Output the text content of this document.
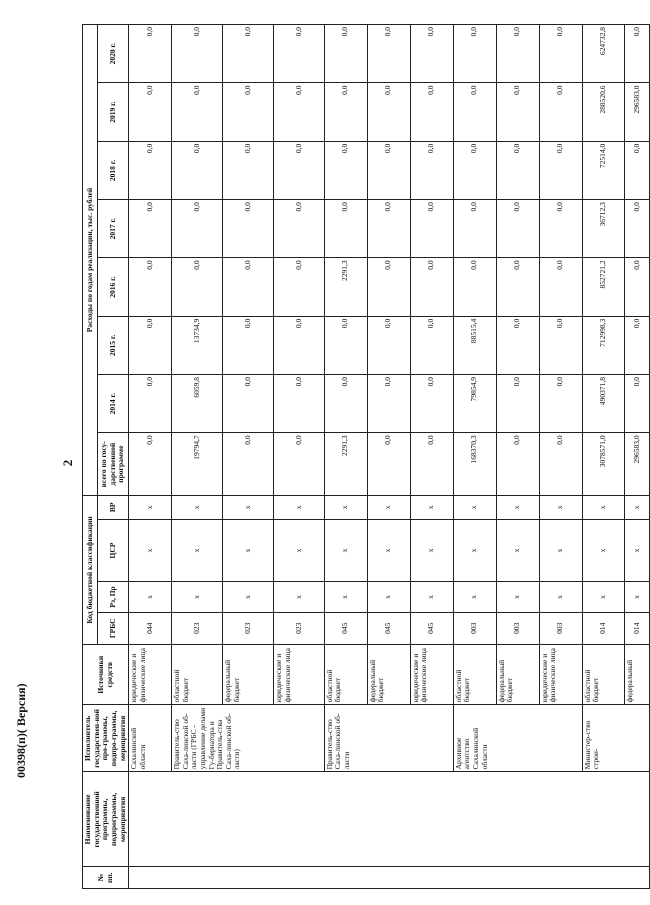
2
00398(п)( Версия)
№ пп.	Наименование государственной программы, подпрограммы, мероприятия	Исполнитель государствен-ной про-граммы, подпро-граммы, мероприятия	Источники средств	Код бюджетной классификации				Расходы по годам реализации, тыс. рублей							
				ГРБС	Рз, Пр	ЦСР	ВР	всего по госу-дарственной программе	2014 г.	2015 г.	2016 г.	2017 г.	2018 г.	2019 г.	2020 г.
		Сахалинской области	юридические и физические лица	044	x	x	x	0,0	0,0	0,0	0,0	0,0	0,0	0,0	0,0
		Правитель-ство Саха-линской об-ласти (ГРБС - управление делами Гу-бернатора и Правитель-ства Саха-линской об-ласти)	областной бюджет	023	x	x	x	19794,7	6059,8	13734,9	0,0	0,0	0,0	0,0	0,0
			федеральный бюджет	023	x	x	x	0,0	0,0	0,0	0,0	0,0	0,0	0,0	0,0
			юридические и физические лица	023	x	x	x	0,0	0,0	0,0	0,0	0,0	0,0	0,0	0,0
		Правитель-ство Саха-линской об-ласти	областной бюджет	045	x	x	x	2291,3	0,0	0,0	2291,3	0,0	0,0	0,0	0,0
			федеральный бюджет	045	x	x	x	0,0	0,0	0,0	0,0	0,0	0,0	0,0	0,0
			юридические и физические лица	045	x	x	x	0,0	0,0	0,0	0,0	0,0	0,0	0,0	0,0
		Архивное агентство Сахалинской области	областной бюджет	003	x	x	x	168370,3	79854,9	88515,4	0,0	0,0	0,0	0,0	0,0
			федеральный бюджет	003	x	x	x	0,0	0,0	0,0	0,0	0,0	0,0	0,0	0,0
			юридические и физические лица	003	x	x	x	0,0	0,0	0,0	0,0	0,0	0,0	0,0	0,0
		Министер-ство строи-	областной бюджет	014	x	x	x	3078571,0	490371,8	712998,3	852721,2	36712,3	72514,0	288520,6	624732,8
			федеральный	014	x	x	x	296583,0	0,0	0,0	0,0	0,0	0,0	296583,0	0,0
